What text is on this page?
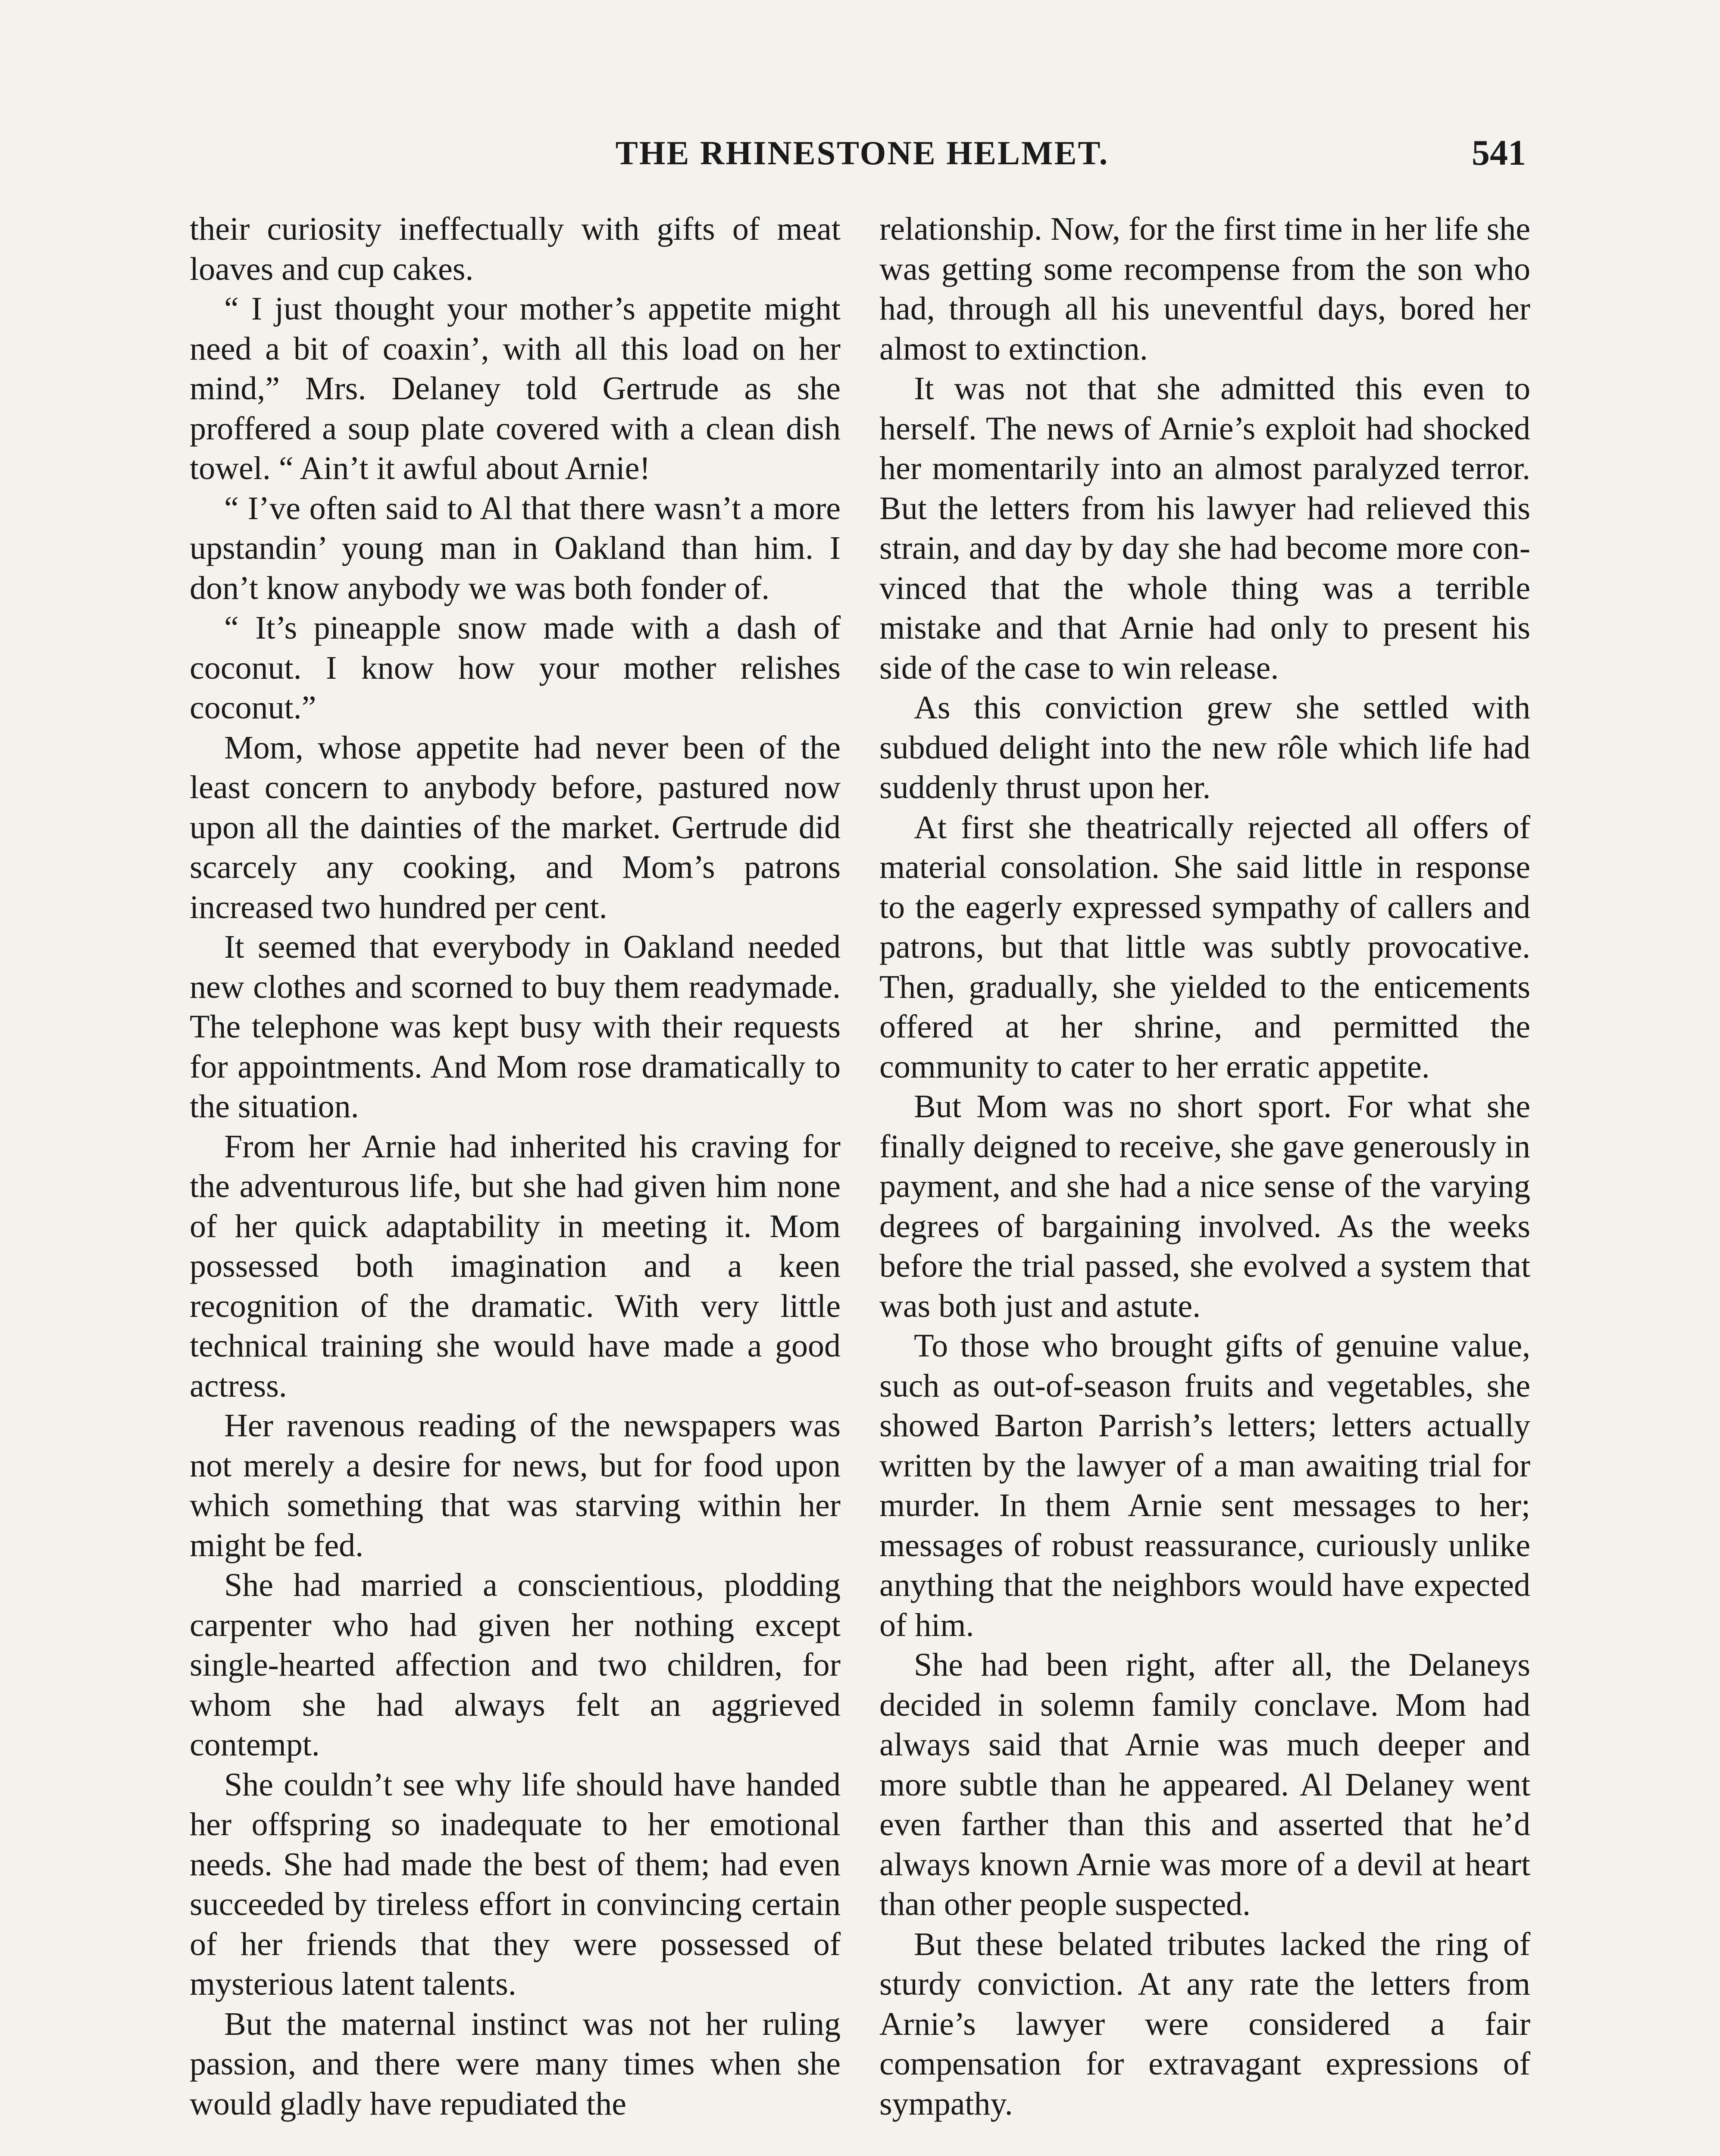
THE RHINESTONE HELMET.	541

their curiosity ineffectually with gifts of meat loaves and cup cakes.

“ I just thought your mother’s appetite might need a bit of coaxin’, with all this load on her mind,” Mrs. Delaney told Gertrude as she proffered a soup plate covered with a clean dish towel. “ Ain’t it awful about Arnie!

“ I’ve often said to Al that there wasn’t a more upstandin’ young man in Oakland than him. I don’t know anybody we was both fonder of.

“ It’s pineapple snow made with a dash of coconut. I know how your mother relishes coconut.”

Mom, whose appetite had never been of the least concern to anybody before, pastured now upon all the dainties of the market. Gertrude did scarcely any cooking, and Mom’s patrons increased two hundred per cent.

It seemed that everybody in Oakland needed new clothes and scorned to buy them readymade. The telephone was kept busy with their requests for appointments. And Mom rose dramatically to the situation.

From her Arnie had inherited his craving for the adventurous life, but she had given him none of her quick adaptability in meeting it. Mom possessed both imagination and a keen recognition of the dramatic. With very little technical training she would have made a good actress.

Her ravenous reading of the newspapers was not merely a desire for news, but for food upon which something that was starving within her might be fed.

She had married a conscientious, plodding carpenter who had given her nothing except single-hearted affection and two children, for whom she had always felt an aggrieved contempt.

She couldn’t see why life should have handed her offspring so inadequate to her emotional needs. She had made the best of them; had even succeeded by tireless effort in convincing certain of her friends that they were possessed of mysterious latent talents.

But the maternal instinct was not her ruling passion, and there were many times when she would gladly have repudiated the

relationship. Now, for the first time in her life she was getting some recompense from the son who had, through all his uneventful days, bored her almost to extinction.

It was not that she admitted this even to herself. The news of Arnie’s exploit had shocked her momentarily into an almost paralyzed terror. But the letters from his lawyer had relieved this strain, and day by day she had become more convinced that the whole thing was a terrible mistake and that Arnie had only to present his side of the case to win release.

As this conviction grew she settled with subdued delight into the new rôle which life had suddenly thrust upon her.

At first she theatrically rejected all offers of material consolation. She said little in response to the eagerly expressed sympathy of callers and patrons, but that little was subtly provocative. Then, gradually, she yielded to the enticements offered at her shrine, and permitted the community to cater to her erratic appetite.

But Mom was no short sport. For what she finally deigned to receive, she gave generously in payment, and she had a nice sense of the varying degrees of bargaining involved. As the weeks before the trial passed, she evolved a system that was both just and astute.

To those who brought gifts of genuine value, such as out-of-season fruits and vegetables, she showed Barton Parrish’s letters; letters actually written by the lawyer of a man awaiting trial for murder. In them Arnie sent messages to her; messages of robust reassurance, curiously unlike anything that the neighbors would have expected of him.

She had been right, after all, the Delaneys decided in solemn family conclave. Mom had always said that Arnie was much deeper and more subtle than he appeared. Al Delaney went even farther than this and asserted that he’d always known Arnie was more of a devil at heart than other people suspected.

But these belated tributes lacked the ring of sturdy conviction. At any rate the letters from Arnie’s lawyer were considered a fair compensation for extravagant expressions of sympathy.
